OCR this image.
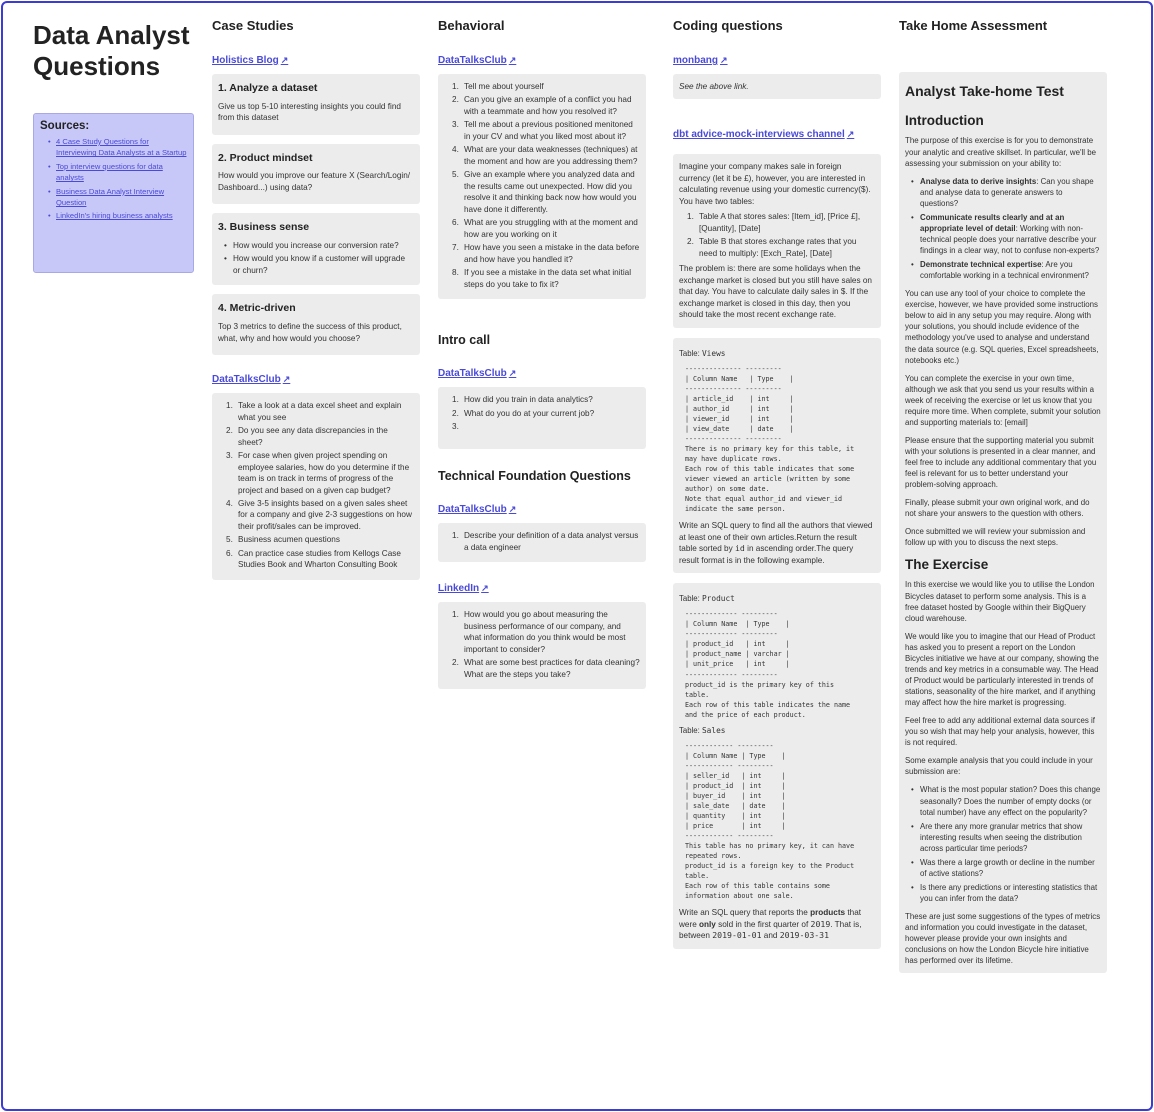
Data Analyst
Questions
Sources:
• 4 Case Study Questions for Interviewing Data Analysts at a Startup
• Top interview questions for data analysts
• Business Data Analyst Interview Question
• LinkedIn's hiring business analysts
Case Studies
Holistics Blog ↗
1. Analyze a dataset

Give us top 5-10 interesting insights you could find from this dataset

2. Product mindset

How would you improve our feature X (Search/Login/ Dashboard...) using data?

3. Business sense
• How would you increase our conversion rate?
• How would you know if a customer will upgrade or churn?
4. Metric-driven

Top 3 metrics to define the success of this product, what, why and how would you choose?

DataTalksClub ↗
Take a look at a data excel sheet and explain what you see
Do you see any data discrepancies in the sheet?
For case when given project spending on employee salaries, how do you determine if the team is on track in terms of progress of the project and based on a given cap budget?
Give 3-5 insights based on a given sales sheet for a company and give 2-3 suggestions on how their profit/sales can be improved.
Business acumen questions
Can practice case studies from Kellogs Case Studies Book and Wharton Consulting Book
Behavioral
DataTalksClub ↗
Tell me about yourself
Can you give an example of a conflict you had with a teammate and how you resolved it?
Tell me about a previous positioned menitoned in your CV and what you liked most about it?
What are your data weaknesses (techniques) at the moment and how are you addressing them?
Give an example where you analyzed data and the results came out unexpected. How did you resolve it and thinking back now how would you have done it differently.
What are you struggling with at the moment and how are you working on it
How have you seen a mistake in the data before and how have you handled it?
If you see a mistake in the data set what initial steps do you take to fix it?
Intro call
DataTalksClub ↗
How did you train in data analytics?
What do you do at your current job?
Technical Foundation Questions
DataTalksClub ↗
Describe your definition of a data analyst versus a data engineer
LinkedIn ↗
How would you go about measuring the business performance of our company, and what information do you think would be most important to consider?
What are some best practices for data cleaning? What are the steps you take?
Coding questions
monbang ↗

See the above link.

dbt advice-mock-interviews channel ↗

Imagine your company makes sale in foreign currency (let it be £), however, you are interested in calculating revenue using your domestic currency($). You have two tables:

Table A that stores sales: [Item_id], [Price £], [Quantity], [Date]
Table B that stores exchange rates that you need to multiply: [Exch_Rate], [Date]

The problem is: there are some holidays when the exchange market is closed but you still have sales on that day. You have to calculate daily sales in $. If the exchange market is closed in this day, then you should take the most recent exchange rate.

Table: Views
-------------- ---------
| Column Name   | Type    |
-------------- ---------
| article_id    | int     |
| author_id     | int     |
| viewer_id     | int     |
| view_date     | date    |
-------------- ---------
There is no primary key for this table, it
may have duplicate rows.
Each row of this table indicates that some
viewer viewed an article (written by some
author) on some date.
Note that equal author_id and viewer_id
indicate the same person.

Write an SQL query to find all the authors that viewed at least one of their own articles.Return the result table sorted by id in ascending order.The query result format is in the following example.

Table: Product
------------- ---------
| Column Name  | Type    |
------------- ---------
| product_id   | int     |
| product_name | varchar |
| unit_price   | int     |
------------- ---------
product_id is the primary key of this
table.
Each row of this table indicates the name
and the price of each product.
Table: Sales
------------ ---------
| Column Name | Type    |
------------ ---------
| seller_id   | int     |
| product_id  | int     |
| buyer_id    | int     |
| sale_date   | date    |
| quantity    | int     |
| price       | int     |
------------ ---------
This table has no primary key, it can have
repeated rows.
product_id is a foreign key to the Product
table.
Each row of this table contains some
information about one sale.

Write an SQL query that reports the products that were only sold in the first quarter of 2019. That is, between 2019-01-01 and 2019-03-31

Take Home Assessment
Analyst Take-home Test
Introduction

The purpose of this exercise is for you to demonstrate your analytic and creative skillset. In particular, we'll be assessing your submission on your ability to:

• Analyse data to derive insights: Can you shape and analyse data to generate answers to questions?
• Communicate results clearly and at an appropriate level of detail: Working with non-technical people does your narrative describe your findings in a clear way, not to confuse non-experts?
• Demonstrate technical expertise: Are you comfortable working in a technical environment?

You can use any tool of your choice to complete the exercise, however, we have provided some instructions below to aid in any setup you may require. Along with your solutions, you should include evidence of the methodology you've used to analyse and understand the data source (e.g. SQL queries, Excel spreadsheets, notebooks etc.)

You can complete the exercise in your own time, although we ask that you send us your results within a week of receiving the exercise or let us know that you require more time. When complete, submit your solution and supporting materials to: [email]

Please ensure that the supporting material you submit with your solutions is presented in a clear manner, and feel free to include any additional commentary that you feel is relevant for us to better understand your problem-solving approach.

Finally, please submit your own original work, and do not share your answers to the question with others.

Once submitted we will review your submission and follow up with you to discuss the next steps.

The Exercise

In this exercise we would like you to utilise the London Bicycles dataset to perform some analysis. This is a free dataset hosted by Google within their BigQuery cloud warehouse.

We would like you to imagine that our Head of Product has asked you to present a report on the London Bicycles initiative we have at our company, showing the trends and key metrics in a consumable way. The Head of Product would be particularly interested in trends of stations, seasonality of the hire market, and if anything may affect how the hire market is progressing.

Feel free to add any additional external data sources if you so wish that may help your analysis, however, this is not required.

Some example analysis that you could include in your submission are:

• What is the most popular station? Does this change seasonally? Does the number of empty docks (or total number) have any effect on the popularity?
• Are there any more granular metrics that show interesting results when seeing the distribution across particular time periods?
• Was there a large growth or decline in the number of active stations?
• Is there any predictions or interesting statistics that you can infer from the data?

These are just some suggestions of the types of metrics and information you could investigate in the dataset, however please provide your own insights and conclusions on how the London Bicycle hire initiative has performed over its lifetime.
